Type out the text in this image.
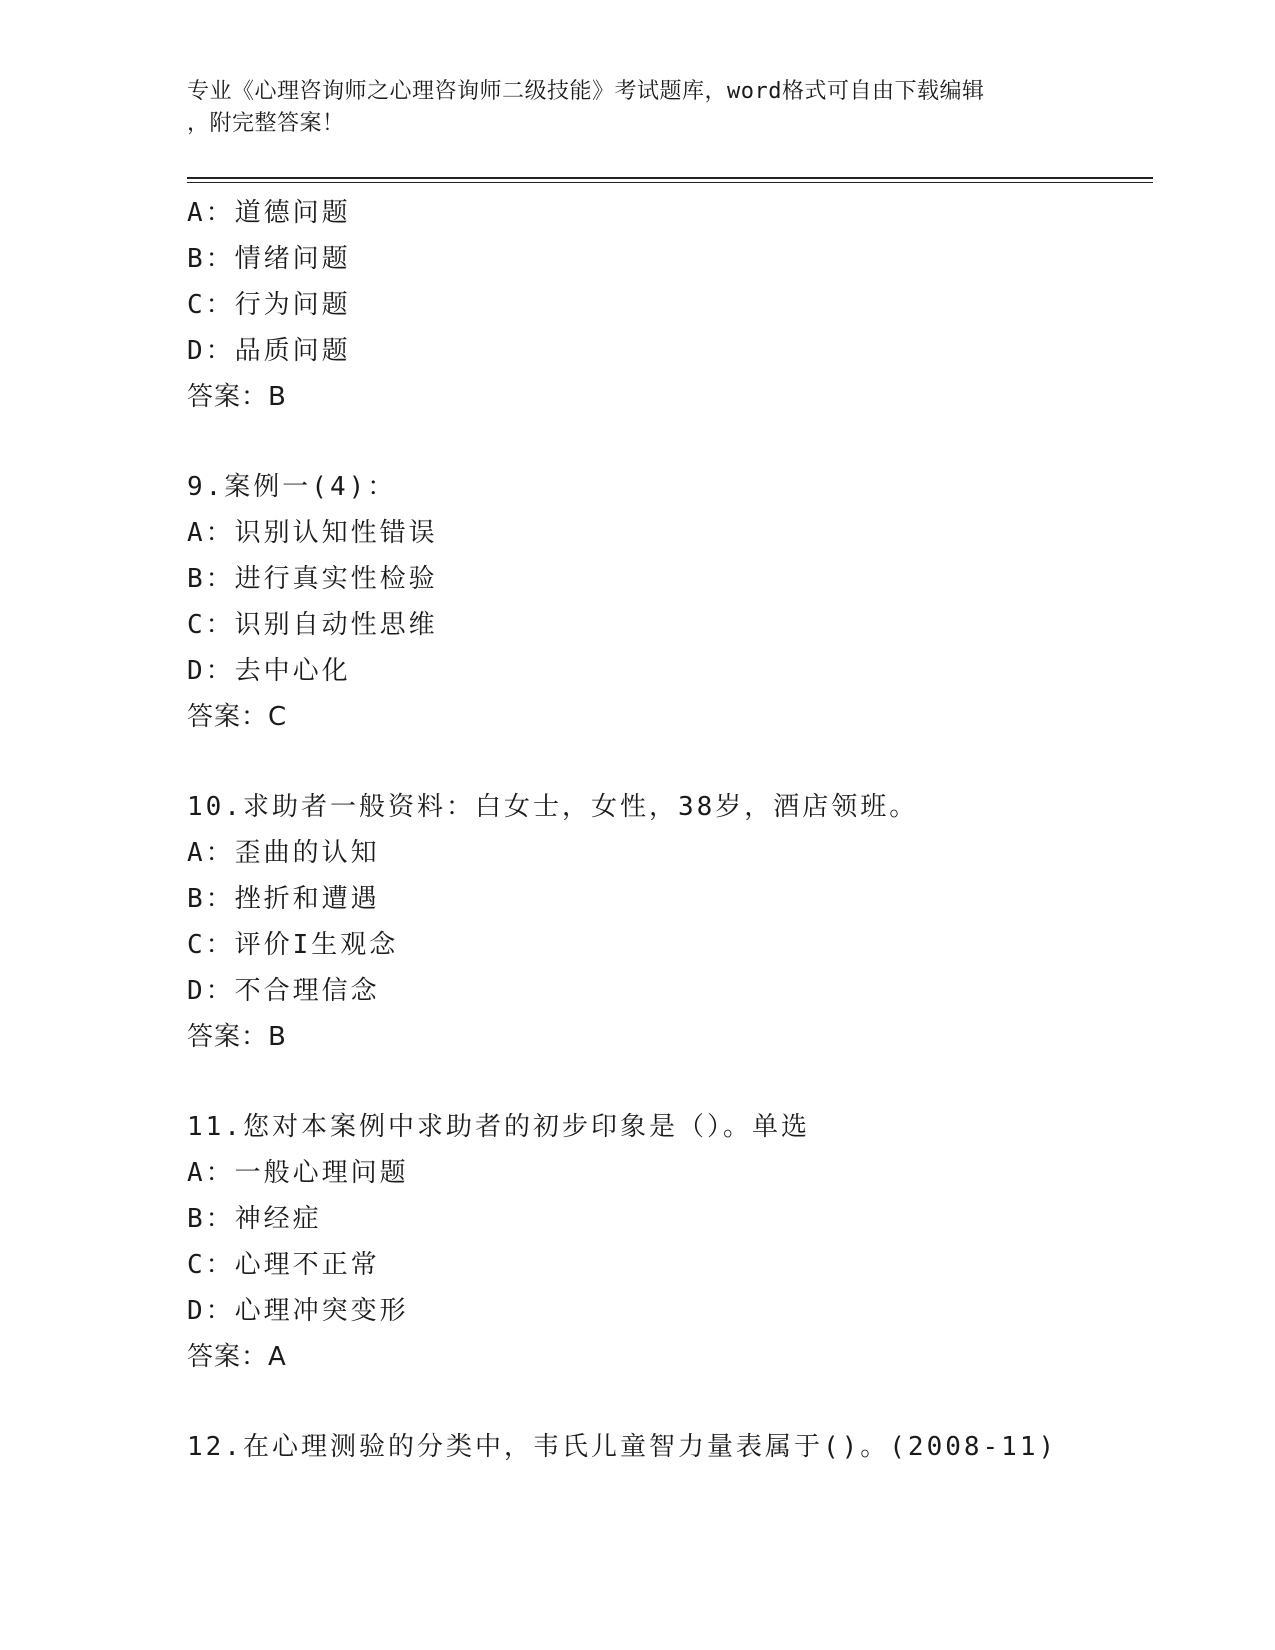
专业《心理咨询师之心理咨询师二级技能》考试题库，word格式可自由下载编辑
，附完整答案！
A：道德问题
B：情绪问题
C：行为问题
D：品质问题
答案：B
9.案例一(4)：
A：识别认知性错误
B：进行真实性检验
C：识别自动性思维
D：去中心化
答案：C
10.求助者一般资料：白女士，女性，38岁，酒店领班。
A：歪曲的认知
B：挫折和遭遇
C：评价I生观念
D：不合理信念
答案：B
11.您对本案例中求助者的初步印象是（）。单选
A：一般心理问题
B：神经症
C：心理不正常
D：心理冲突变形
答案：A
12.在心理测验的分类中，韦氏儿童智力量表属于()。(2008-11)
